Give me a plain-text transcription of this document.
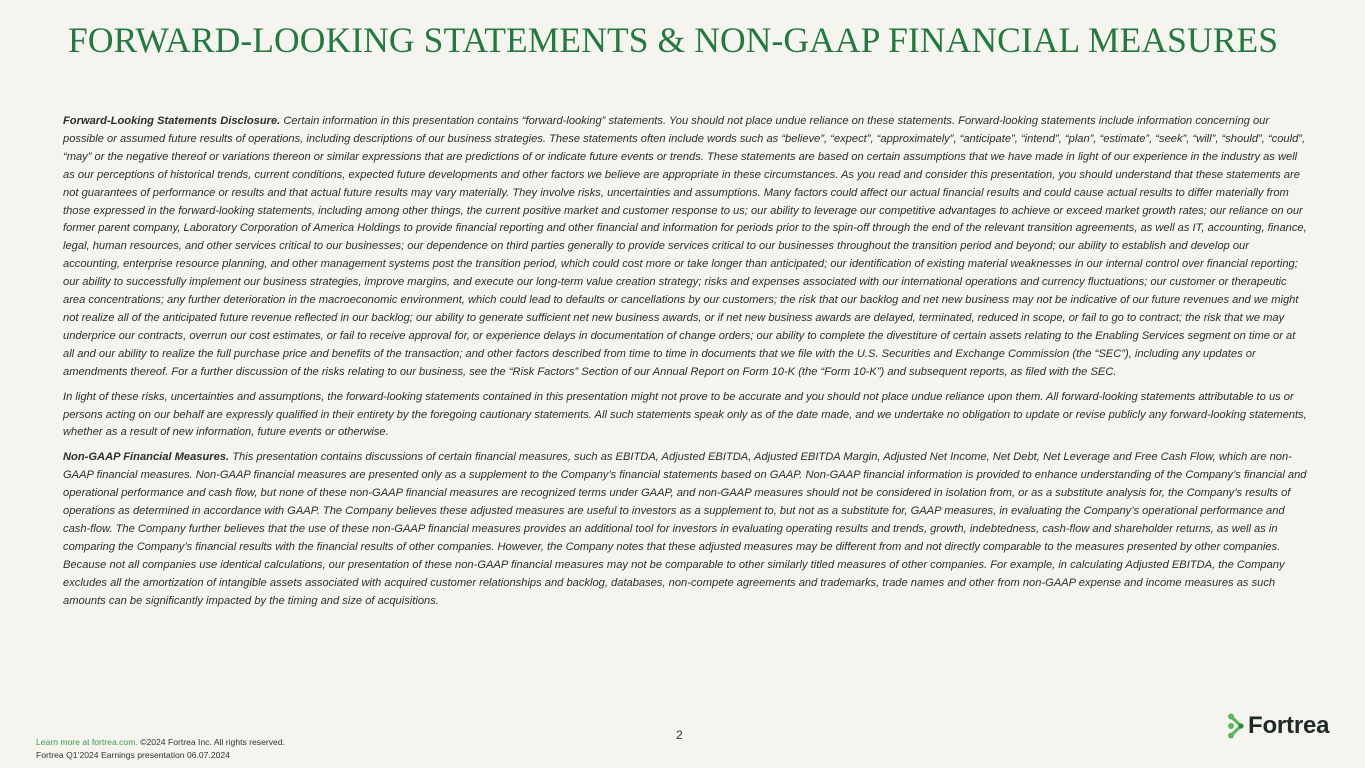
FORWARD-LOOKING STATEMENTS & NON-GAAP FINANCIAL MEASURES

Forward-Looking Statements Disclosure. Certain information in this presentation contains “forward-looking” statements. You should not place undue reliance on these statements. Forward-looking statements include information concerning our possible or assumed future results of operations, including descriptions of our business strategies. These statements often include words such as “believe”, “expect”, “approximately”, “anticipate”, “intend”, “plan”, “estimate”, “seek”, “will”, “should”, “could”, “may” or the negative thereof or variations thereon or similar expressions that are predictions of or indicate future events or trends. These statements are based on certain assumptions that we have made in light of our experience in the industry as well as our perceptions of historical trends, current conditions, expected future developments and other factors we believe are appropriate in these circumstances. As you read and consider this presentation, you should understand that these statements are not guarantees of performance or results and that actual future results may vary materially. They involve risks, uncertainties and assumptions. Many factors could affect our actual financial results and could cause actual results to differ materially from those expressed in the forward-looking statements, including among other things, the current positive market and customer response to us; our ability to leverage our competitive advantages to achieve or exceed market growth rates; our reliance on our former parent company, Laboratory Corporation of America Holdings to provide financial reporting and other financial and information for periods prior to the spin-off through the end of the relevant transition agreements, as well as IT, accounting, finance, legal, human resources, and other services critical to our businesses; our dependence on third parties generally to provide services critical to our businesses throughout the transition period and beyond; our ability to establish and develop our accounting, enterprise resource planning, and other management systems post the transition period, which could cost more or take longer than anticipated; our identification of existing material weaknesses in our internal control over financial reporting; our ability to successfully implement our business strategies, improve margins, and execute our long-term value creation strategy; risks and expenses associated with our international operations and currency fluctuations; our customer or therapeutic area concentrations; any further deterioration in the macroeconomic environment, which could lead to defaults or cancellations by our customers; the risk that our backlog and net new business may not be indicative of our future revenues and we might not realize all of the anticipated future revenue reflected in our backlog; our ability to generate sufficient net new business awards, or if net new business awards are delayed, terminated, reduced in scope, or fail to go to contract; the risk that we may underprice our contracts, overrun our cost estimates, or fail to receive approval for, or experience delays in documentation of change orders; our ability to complete the divestiture of certain assets relating to the Enabling Services segment on time or at all and our ability to realize the full purchase price and benefits of the transaction; and other factors described from time to time in documents that we file with the U.S. Securities and Exchange Commission (the “SEC”), including any updates or amendments thereof. For a further discussion of the risks relating to our business, see the “Risk Factors” Section of our Annual Report on Form 10-K (the “Form 10-K”) and subsequent reports, as filed with the SEC.

In light of these risks, uncertainties and assumptions, the forward-looking statements contained in this presentation might not prove to be accurate and you should not place undue reliance upon them. All forward-looking statements attributable to us or persons acting on our behalf are expressly qualified in their entirety by the foregoing cautionary statements. All such statements speak only as of the date made, and we undertake no obligation to update or revise publicly any forward-looking statements, whether as a result of new information, future events or otherwise.

Non-GAAP Financial Measures. This presentation contains discussions of certain financial measures, such as EBITDA, Adjusted EBITDA, Adjusted EBITDA Margin, Adjusted Net Income, Net Debt, Net Leverage and Free Cash Flow, which are non-GAAP financial measures. Non-GAAP financial measures are presented only as a supplement to the Company’s financial statements based on GAAP. Non-GAAP financial information is provided to enhance understanding of the Company’s financial and operational performance and cash flow, but none of these non-GAAP financial measures are recognized terms under GAAP, and non-GAAP measures should not be considered in isolation from, or as a substitute analysis for, the Company’s results of operations as determined in accordance with GAAP. The Company believes these adjusted measures are useful to investors as a supplement to, but not as a substitute for, GAAP measures, in evaluating the Company’s operational performance and cash-flow. The Company further believes that the use of these non-GAAP financial measures provides an additional tool for investors in evaluating operating results and trends, growth, indebtedness, cash-flow and shareholder returns, as well as in comparing the Company’s financial results with the financial results of other companies. However, the Company notes that these adjusted measures may be different from and not directly comparable to the measures presented by other companies. Because not all companies use identical calculations, our presentation of these non-GAAP financial measures may not be comparable to other similarly titled measures of other companies. For example, in calculating Adjusted EBITDA, the Company excludes all the amortization of intangible assets associated with acquired customer relationships and backlog, databases, non-compete agreements and trademarks, trade names and other from non-GAAP expense and income measures as such amounts can be significantly impacted by the timing and size of acquisitions.

2
Learn more at fortrea.com. ©2024 Fortrea Inc. All rights reserved.
Fortrea Q1’2024 Earnings presentation 06.07.2024
Fortrea
